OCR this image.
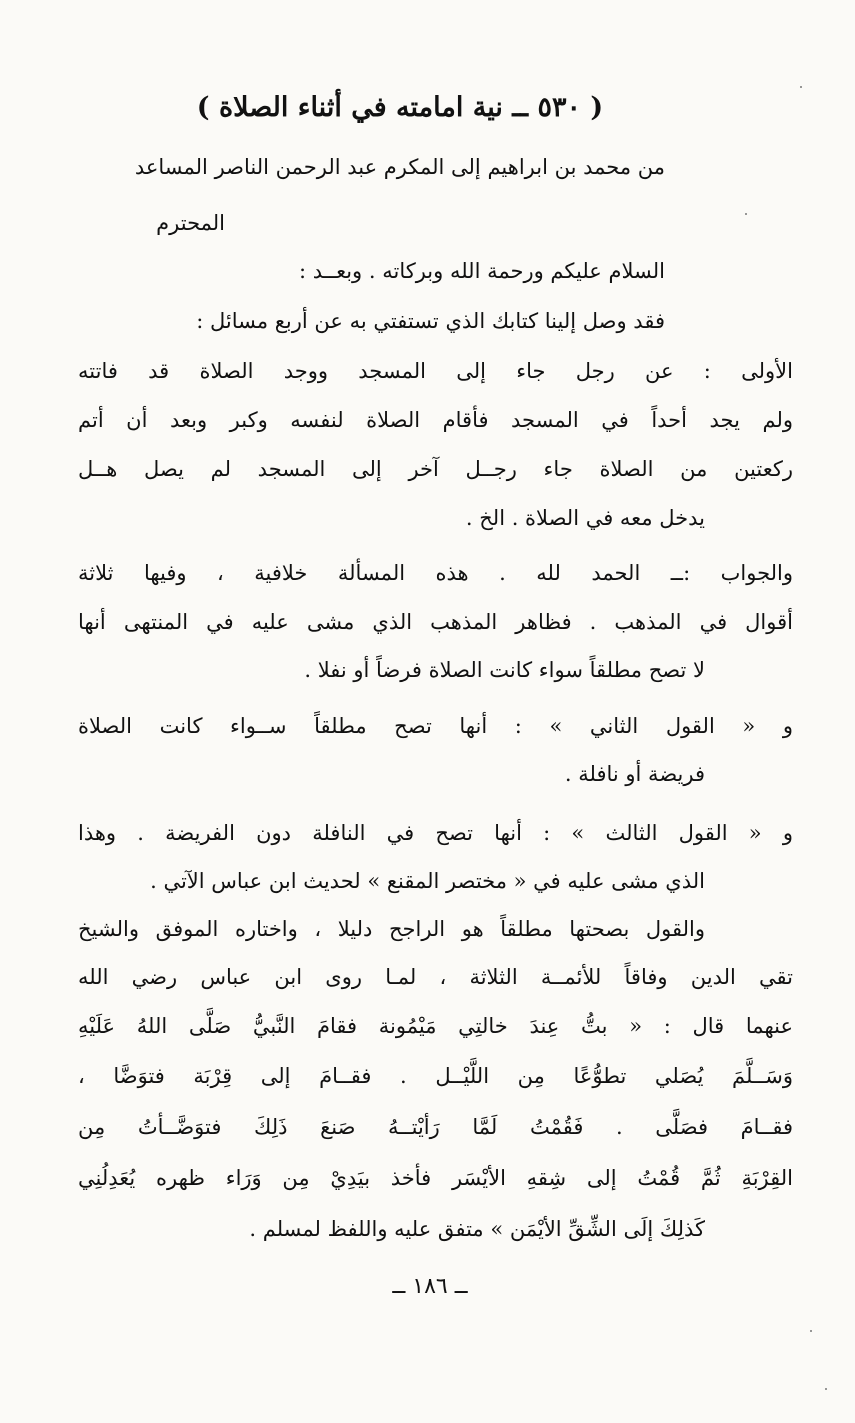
( ٥٣٠ ــ نية امامته في أثناء الصلاة )
من محمد بن ابراهيم إلى المكرم عبد الرحمن الناصر المساعد
المحترم
السلام عليكم ورحمة الله وبركاته . وبعــد :
فقد وصل إلينا كتابك الذي تستفتي به عن أربع مسائل :
الأولى : عن رجل جاء إلى المسجد ووجد الصلاة قد فاتته
ولم يجد أحداً في المسجد فأقام الصلاة لنفسه وكبر وبعد أن أتم
ركعتين من الصلاة جاء رجــل آخر إلى المسجد لم يصل هــل
يدخل معه في الصلاة . الخ .
والجواب :ــ الحمد لله . هذه المسألة خلافية ، وفيها ثلاثة
أقوال في المذهب . فظاهر المذهب الذي مشى عليه في المنتهى أنها
لا تصح مطلقاً سواء كانت الصلاة فرضاً أو نفلا .
و « القول الثاني » : أنها تصح مطلقاً ســواء كانت الصلاة
فريضة أو نافلة .
و « القول الثالث » : أنها تصح في النافلة دون الفريضة . وهذا
الذي مشى عليه في « مختصر المقنع » لحديث ابن عباس الآتي .
والقول بصحتها مطلقاً هو الراجح دليلا ، واختاره الموفق والشيخ
تقي الدين وفاقاً للأئمــة الثلاثة ، لمـا روى ابن عباس رضي الله
عنهما قال : « بتُّ عِندَ خالتِي مَيْمُونة فقامَ النَّبيُّ صَلَّى اللهُ عَلَيْهِ
وَسَــلَّمَ يُصَلي تطوُّعًا مِن اللَّيْــل . فقــامَ إلى قِرْبَة فتوَضَّا ،
فقــامَ فصَلَّى . فَقُمْتُ لَمَّا رَأيْتــهُ صَنعَ ذَلِكَ فتوَضَّــأتُ مِن
القِرْبَةِ ثُمَّ قُمْتُ إلى شِقهِ الأيْسَر فأخذ بيَدِيْ مِن وَرَاء ظهره يُعَدِلُنِي
كَذلِكَ إلَى الشِّقِّ الأيْمَن » متفق عليه واللفظ لمسلم .
ــ ١٨٦ ــ
